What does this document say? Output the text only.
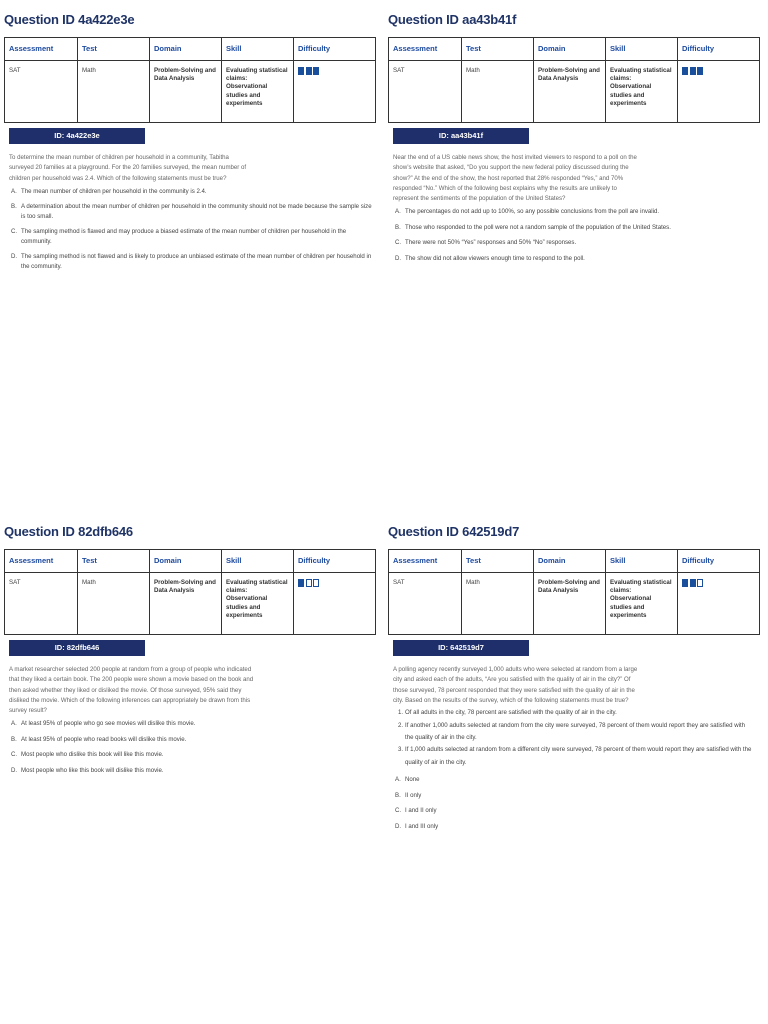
Question ID 4a422e3e
Assessment	Test	Domain	Skill	Difficulty
SAT	Math	Problem-Solving and Data Analysis	Evaluating statistical claims: Observational studies and experiments	
ID: 4a422e3e
To determine the mean number of children per household in a community, Tabitha surveyed 20 families at a playground. For the 20 families surveyed, the mean number of children per household was 2.4. Which of the following statements must be true?
A. The mean number of children per household in the community is 2.4.
B. A determination about the mean number of children per household in the community should not be made because the sample size is too small.
C. The sampling method is flawed and may produce a biased estimate of the mean number of children per household in the community.
D. The sampling method is not flawed and is likely to produce an unbiased estimate of the mean number of children per household in the community.
Question ID aa43b41f
Assessment	Test	Domain	Skill	Difficulty
SAT	Math	Problem-Solving and Data Analysis	Evaluating statistical claims: Observational studies and experiments	
ID: aa43b41f
Near the end of a US cable news show, the host invited viewers to respond to a poll on the show’s website that asked, “Do you support the new federal policy discussed during the show?” At the end of the show, the host reported that 28% responded “Yes,” and 70% responded “No.” Which of the following best explains why the results are unlikely to represent the sentiments of the population of the United States?
A. The percentages do not add up to 100%, so any possible conclusions from the poll are invalid.
B. Those who responded to the poll were not a random sample of the population of the United States.
C. There were not 50% “Yes” responses and 50% “No” responses.
D. The show did not allow viewers enough time to respond to the poll.
Question ID 82dfb646
Assessment	Test	Domain	Skill	Difficulty
SAT	Math	Problem-Solving and Data Analysis	Evaluating statistical claims: Observational studies and experiments	
ID: 82dfb646
A market researcher selected 200 people at random from a group of people who indicated that they liked a certain book. The 200 people were shown a movie based on the book and then asked whether they liked or disliked the movie. Of those surveyed, 95% said they disliked the movie. Which of the following inferences can appropriately be drawn from this survey result?
A. At least 95% of people who go see movies will dislike this movie.
B. At least 95% of people who read books will dislike this movie.
C. Most people who dislike this book will like this movie.
D. Most people who like this book will dislike this movie.
Question ID 642519d7
Assessment	Test	Domain	Skill	Difficulty
SAT	Math	Problem-Solving and Data Analysis	Evaluating statistical claims: Observational studies and experiments	
ID: 642519d7
A polling agency recently surveyed 1,000 adults who were selected at random from a large city and asked each of the adults, “Are you satisfied with the quality of air in the city?” Of those surveyed, 78 percent responded that they were satisfied with the quality of air in the city. Based on the results of the survey, which of the following statements must be true?
1. Of all adults in the city, 78 percent are satisfied with the quality of air in the city.
2. If another 1,000 adults selected at random from the city were surveyed, 78 percent of them would report they are satisfied with the quality of air in the city.
3. If 1,000 adults selected at random from a different city were surveyed, 78 percent of them would report they are satisfied with the quality of air in the city.
A. None
B. II only
C. I and II only
D. I and III only
